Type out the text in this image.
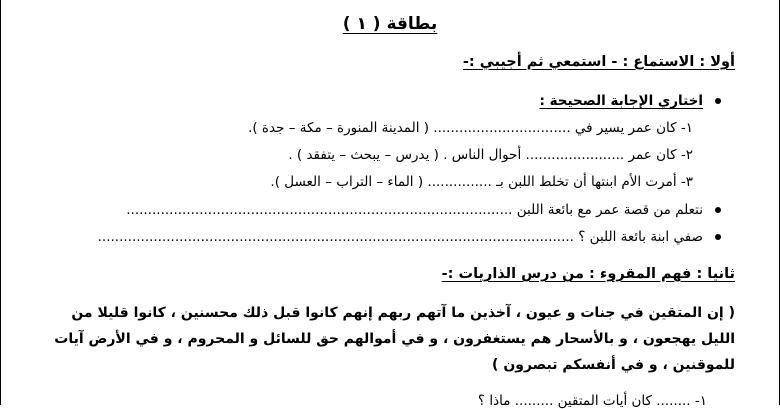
بطاقة ( ١ )
أولا : الاستماع : - استمعي ثم أجيبي :-
اختاري الإجابة الصحيحة :
١- كان عمر يسير في ................................ ( المدينة المنورة – مكة – جدة ).
٢- كان عمر ....................... أحوال الناس . ( يدرس – يبحث – يتفقد ) .
٣- أمرت الأم ابنتها أن تخلط اللبن بـ ............... ( الماء – التراب – العسل ).
نتعلم من قصة عمر مع بائعة اللبن ..........................................................................................
صفي ابنة بائعة اللبن ؟ ...............................................................................................................
ثانيا : فهم المقروء : من درس الذاريات :-
( إن المتقين في جنات و عيون ، آخذين ما آتهم ربهم إنهم كانوا قبل ذلك محسنين ، كانوا قليلا من الليل يهجعون ، و بالأسحار هم يستغفرون ، و في أموالهم حق للسائل و المحروم ، و في الأرض آيات للموقنين ، و في أنفسكم تبصرون )
١- ........ كان أيات المتقين ......... ماذا ؟
